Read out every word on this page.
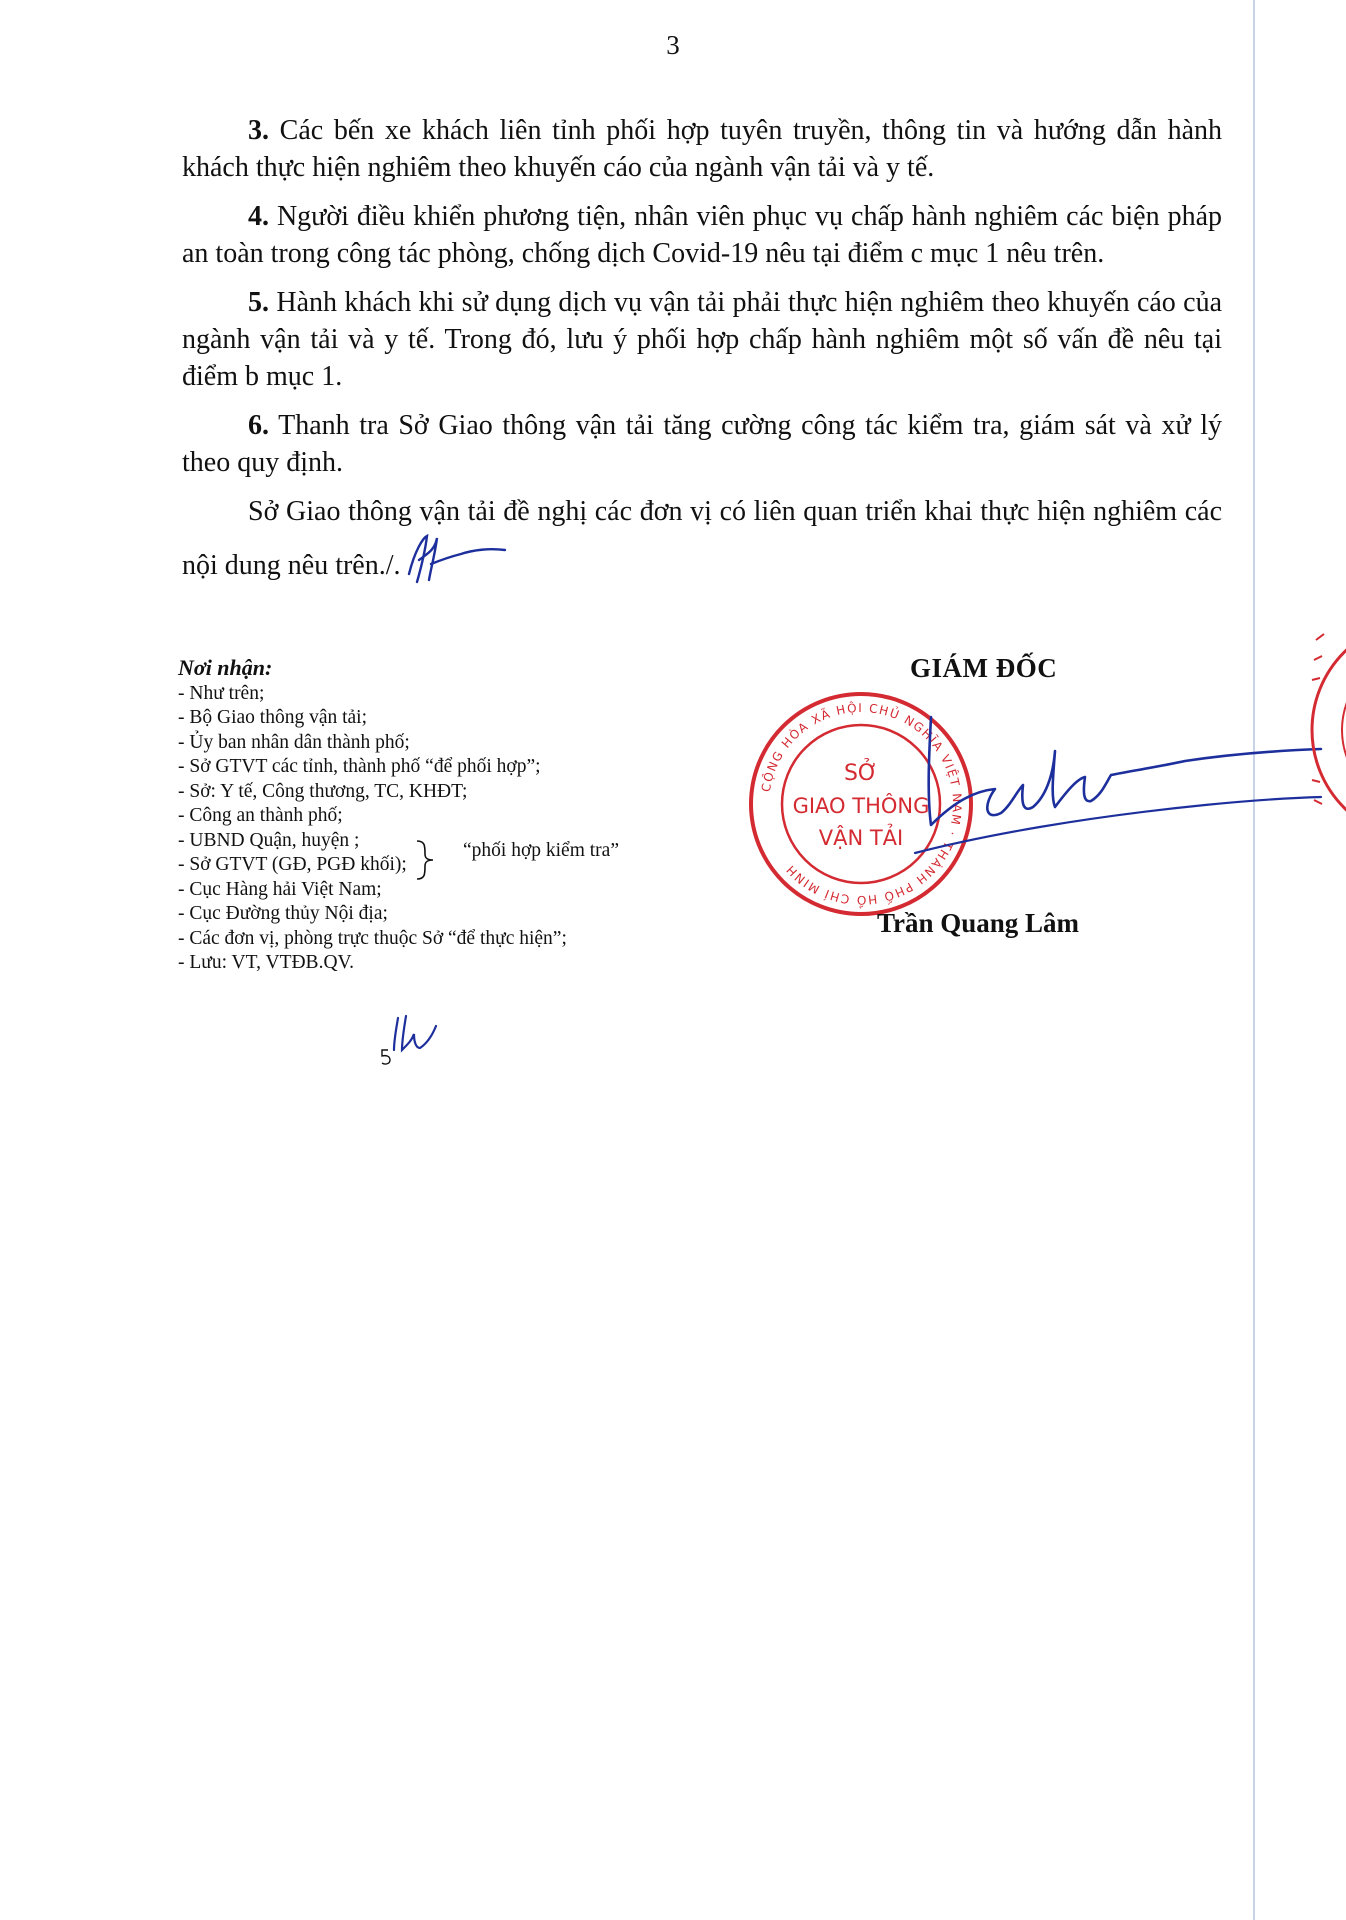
3

3. Các bến xe khách liên tỉnh phối hợp tuyên truyền, thông tin và hướng dẫn hành khách thực hiện nghiêm theo khuyến cáo của ngành vận tải và y tế.

4. Người điều khiển phương tiện, nhân viên phục vụ chấp hành nghiêm các biện pháp an toàn trong công tác phòng, chống dịch Covid-19 nêu tại điểm c mục 1 nêu trên.

5. Hành khách khi sử dụng dịch vụ vận tải phải thực hiện nghiêm theo khuyến cáo của ngành vận tải và y tế. Trong đó, lưu ý phối hợp chấp hành nghiêm một số vấn đề nêu tại điểm b mục 1.

6. Thanh tra Sở Giao thông vận tải tăng cường công tác kiểm tra, giám sát và xử lý theo quy định.

Sở Giao thông vận tải đề nghị các đơn vị có liên quan triển khai thực hiện nghiêm các nội dung nêu trên./.

Nơi nhận:
- Như trên;
- Bộ Giao thông vận tải;
- Ủy ban nhân dân thành phố;
- Sở GTVT các tỉnh, thành phố “để phối hợp”;
- Sở: Y tế, Công thương, TC, KHĐT;
- Công an thành phố;
- UBND Quận, huyện ;
- Sở GTVT (GĐ, PGĐ khối);
- Cục Hàng hải Việt Nam;
- Cục Đường thủy Nội địa;
- Các đơn vị, phòng trực thuộc Sở “để thực hiện”;
- Lưu: VT, VTĐB.QV.
“phối hợp kiểm tra”
GIÁM ĐỐC
CỘNG HÒA XÃ HỘI CHỦ NGHĨA VIỆT NAM · THÀNH PHỐ HỒ CHÍ MINH
SỞ
GIAO THÔNG
VẬN TẢI
Trần Quang Lâm
